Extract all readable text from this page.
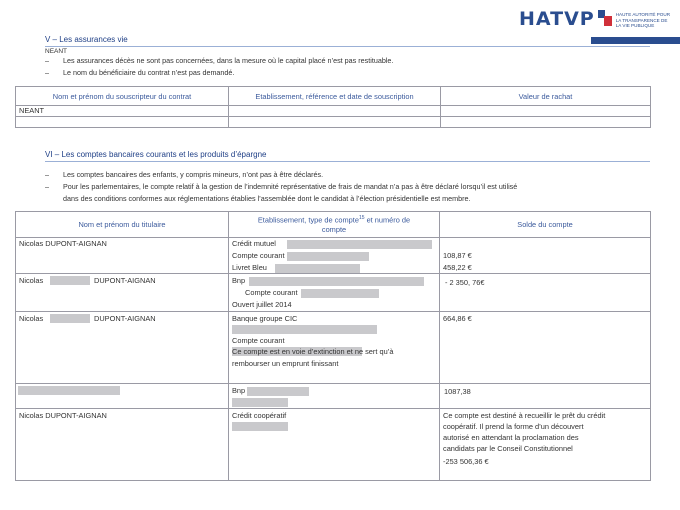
HATVP	HAUTE AUTORITÉ POUR LA TRANSPARENCE DE LA VIE PUBLIQUE
V – Les assurances vie
NEANT
– Les assurances décès ne sont pas concernées, dans la mesure où le capital placé n’est pas restituable.
– Le nom du bénéficiaire du contrat n’est pas demandé.
Nom et prénom du souscripteur du contrat	Etablissement, référence et date de souscription	Valeur de rachat
NEANT		

VI – Les comptes bancaires courants et les produits d’épargne
– Les comptes bancaires des enfants, y compris mineurs, n’ont pas à être déclarés.
– Pour les parlementaires, le compte relatif à la gestion de l’indemnité représentative de frais de mandat n’a pas à être déclaré lorsqu’il est utilisé
dans des conditions conformes aux réglementations établies l’assemblée dont le candidat à l’élection présidentielle est membre.
Nom et prénom du titulaire	Etablissement, type de compte$^{15}$ et numéro de
compte	Solde du compte

Nicolas DUPONT-AIGNAN	Crédit mutuel
Compte courant
Livret Bleu	108,87 €
458,22 €

Nicolas DUPONT-AIGNAN	Bnp
Compte courant
Ouvert juillet 2014	- 2 350, 76€

Nicolas DUPONT-AIGNAN	Banque groupe CIC
Compte courant
Ce compte est en voie d’extinction et ne sert qu’à
rembourser un emprunt finissant	664,86 €

	Bnp	1087,38

Nicolas DUPONT-AIGNAN	Crédit coopératif	Ce compte est destiné à recueillir le prêt du crédit
coopératif. Il prend la forme d’un découvert
autorisé en attendant la proclamation des
candidats par le Conseil Constitutionnel
-253 506,36 €
